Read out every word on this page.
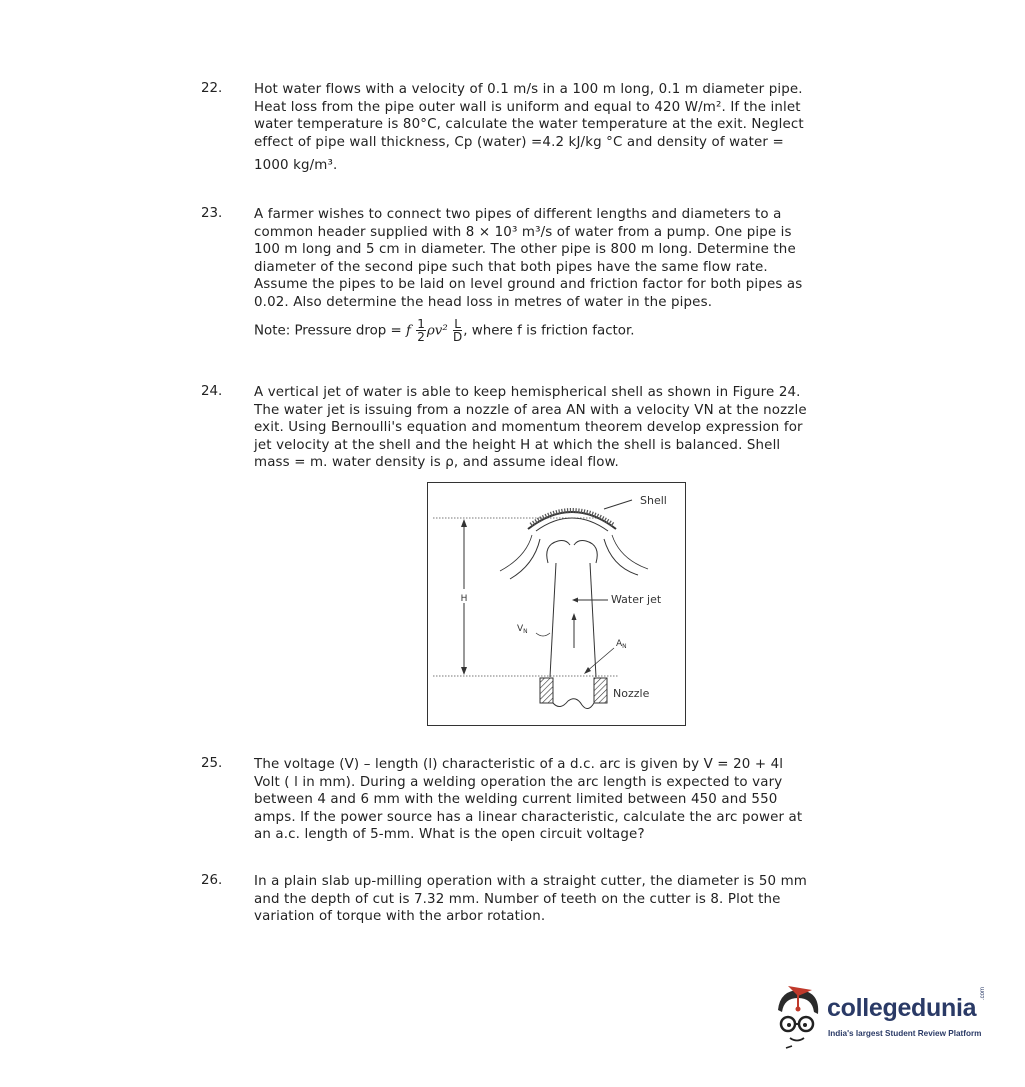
22. Hot water flows with a velocity of 0.1 m/s in a 100 m long, 0.1 m diameter pipe.
Heat loss from the pipe outer wall is uniform and equal to 420 W/m². If the inlet
water temperature is 80°C, calculate the water temperature at the exit. Neglect
effect of pipe wall thickness, Cp (water) =4.2 kJ/kg °C and density of water =
1000 kg/m³.
23. A farmer wishes to connect two pipes of different lengths and diameters to a
common header supplied with 8 × 10³ m³/s of water from a pump. One pipe is
100 m long and 5 cm in diameter. The other pipe is 800 m long. Determine the
diameter of the second pipe such that both pipes have the same flow rate.
Assume the pipes to be laid on level ground and friction factor for both pipes as
0.02. Also determine the head loss in metres of water in the pipes.
Note: Pressure drop = f $\frac{1}{2} \rho v^2 \frac{L}{D}$ , where f is friction factor.
24. A vertical jet of water is able to keep hemispherical shell as shown in Figure 24.
The water jet is issuing from a nozzle of area AN with a velocity VN at the nozzle
exit. Using Bernoulli's equation and momentum theorem develop expression for
jet velocity at the shell and the height H at which the shell is balanced. Shell
mass = m. water density is ρ, and assume ideal flow.
H
Shell
Water jet
$V_N$
$A_N$
Nozzle
25. The voltage (V) – length (l) characteristic of a d.c. arc is given by V = 20 + 4l
Volt ( l in mm). During a welding operation the arc length is expected to vary
between 4 and 6 mm with the welding current limited between 450 and 550
amps. If the power source has a linear characteristic, calculate the arc power at
an a.c. length of 5-mm. What is the open circuit voltage?
26. In a plain slab up-milling operation with a straight cutter, the diameter is 50 mm
and the depth of cut is 7.32 mm. Number of teeth on the cutter is 8. Plot the
variation of torque with the arbor rotation.
collegedunia
.com
India's largest Student Review Platform
